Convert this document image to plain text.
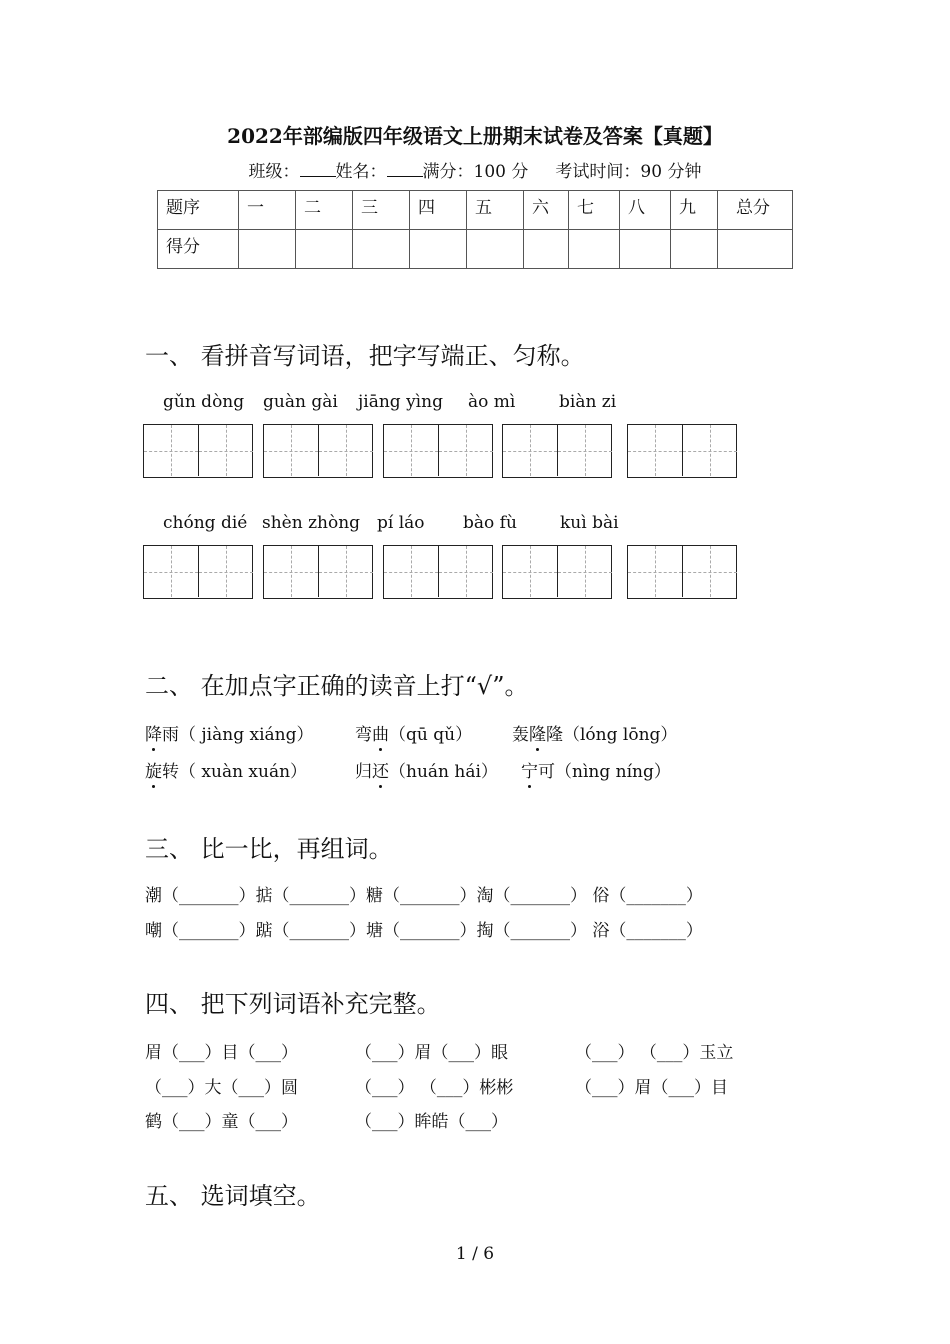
2022年部编版四年级语文上册期末试卷及答案【真题】
班级： 姓名： 满分：100 分 考试时间：90 分钟
题序	一	二	三	四	五	六	七	八	九	总分
得分										
一、 看拼音写词语，把字写端正、匀称。
gǔn dòng guàn gài jiāng yìng ào mì	biàn zi
chóng dié shèn zhòng pí láo bào fù	kuì bài
二、 在加点字正确的读音上打“√”。
降雨（ jiàng xiáng） 弯曲（qū qǔ） 轰隆隆（lóng lōng）
旋转（ xuàn xuán）	归还（huán hái） 宁可（nìng níng）
三、 比一比，再组词。
潮（_______）掂（_______）糖（_______）淘（_______） 俗（_______）
嘲（_______）踮（_______）塘（_______）掏（_______） 浴（_______）
四、 把下列词语补充完整。
眉（___）目（___）	（___）眉（___）眼	（___） （___）玉立
（___）大（___）圆	（___） （___）彬彬	（___）眉（___）目
鹤（___）童（___）	（___）眸皓（___）
五、 选词填空。
1 / 6
